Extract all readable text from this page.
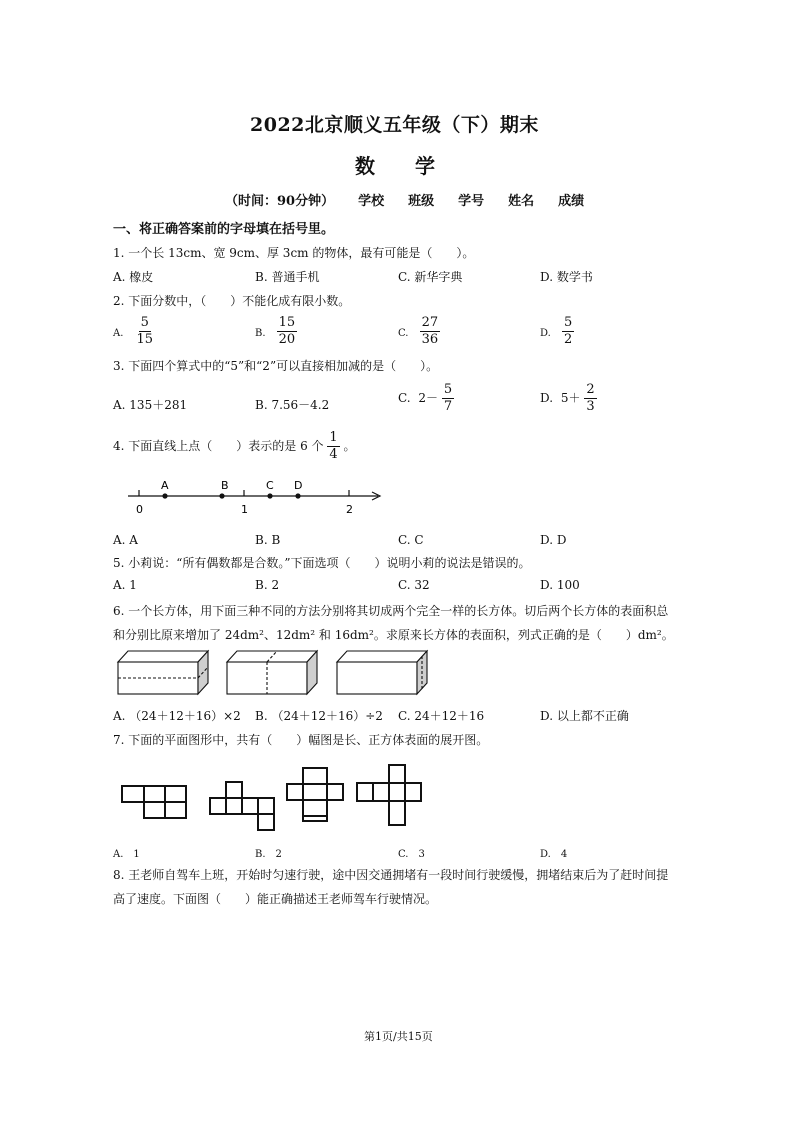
2022北京顺义五年级（下）期末
数　　学
（时间：90分钟） 学校 班级 学号 姓名 成绩
一、将正确答案前的字母填在括号里。
1. 一个长 13cm、宽 9cm、厚 3cm 的物体，最有可能是（　　）。
A. 橡皮	B. 普通手机	C. 新华字典	D. 数学书
2. 下面分数中，（　　）不能化成有限小数。
A. $\frac{5}{15}$	B. $\frac{15}{20}$	C. $\frac{27}{36}$	D. $\frac{5}{2}$
3. 下面四个算式中的“5”和“2”可以直接相加减的是（　　）。
A. 135＋281	B. 7.56－4.2	C. $2- \frac{5}{7}$	D. $5+ \frac{2}{3}$
4. 下面直线上点（　　）表示的是 6 个 $\frac{1}{4}$ 。
A	B	C D
0	1	2
A. A	B. B	C. C	D. D
5. 小莉说：“所有偶数都是合数。”下面选项（　　）说明小莉的说法是错误的。
A. 1	B. 2	C. 32	D. 100
6. 一个长方体，用下面三种不同的方法分别将其切成两个完全一样的长方体。切后两个长方体的表面积总
和分别比原来增加了 24dm²、12dm² 和 16dm²。求原来长方体的表面积，列式正确的是（　　）dm²。
A. （24＋12＋16）×2 B. （24＋12＋16）÷2 C. 24＋12＋16	D. 以上都不正确
7. 下面的平面图形中，共有（　　）幅图是长、正方体表面的展开图。
A.　1	B.　2	C.　3	D.　4
8. 王老师自驾车上班，开始时匀速行驶，途中因交通拥堵有一段时间行驶缓慢，拥堵结束后为了赶时间提
高了速度。下面图（　　）能正确描述王老师驾车行驶情况。
第1页/共15页
